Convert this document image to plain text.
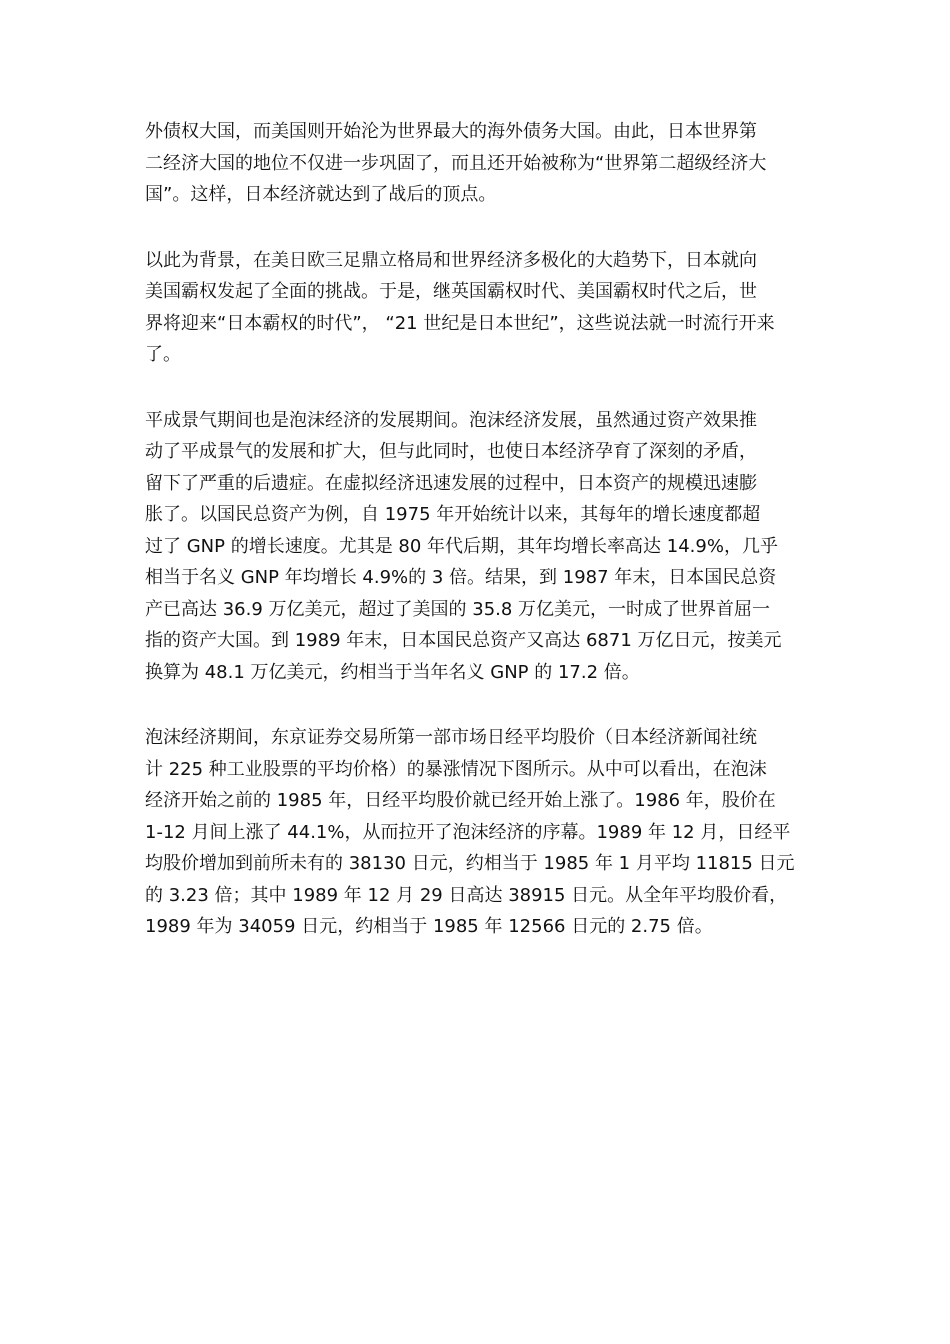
外债权大国，而美国则开始沦为世界最大的海外债务大国。由此，日本世界第
二经济大国的地位不仅进一步巩固了，而且还开始被称为“世界第二超级经济大
国”。这样，日本经济就达到了战后的顶点。

以此为背景，在美日欧三足鼎立格局和世界经济多极化的大趋势下，日本就向
美国霸权发起了全面的挑战。于是，继英国霸权时代、美国霸权时代之后，世
界将迎来“日本霸权的时代”， “21 世纪是日本世纪”，这些说法就一时流行开来
了。

平成景气期间也是泡沫经济的发展期间。泡沫经济发展，虽然通过资产效果推
动了平成景气的发展和扩大，但与此同时，也使日本经济孕育了深刻的矛盾，
留下了严重的后遗症。在虚拟经济迅速发展的过程中，日本资产的规模迅速膨
胀了。以国民总资产为例，自 1975 年开始统计以来，其每年的增长速度都超
过了 GNP 的增长速度。尤其是 80 年代后期，其年均增长率高达 14.9%，几乎
相当于名义 GNP 年均增长 4.9%的 3 倍。结果，到 1987 年末，日本国民总资
产已高达 36.9 万亿美元，超过了美国的 35.8 万亿美元，一时成了世界首屈一
指的资产大国。到 1989 年末，日本国民总资产又高达 6871 万亿日元，按美元
换算为 48.1 万亿美元，约相当于当年名义 GNP 的 17.2 倍。

泡沫经济期间，东京证券交易所第一部市场日经平均股价（日本经济新闻社统
计 225 种工业股票的平均价格）的暴涨情况下图所示。从中可以看出，在泡沫
经济开始之前的 1985 年，日经平均股价就已经开始上涨了。1986 年，股价在
1-12 月间上涨了 44.1%，从而拉开了泡沫经济的序幕。1989 年 12 月，日经平
均股价增加到前所未有的 38130 日元，约相当于 1985 年 1 月平均 11815 日元
的 3.23 倍；其中 1989 年 12 月 29 日高达 38915 日元。从全年平均股价看，
1989 年为 34059 日元，约相当于 1985 年 12566 日元的 2.75 倍。
